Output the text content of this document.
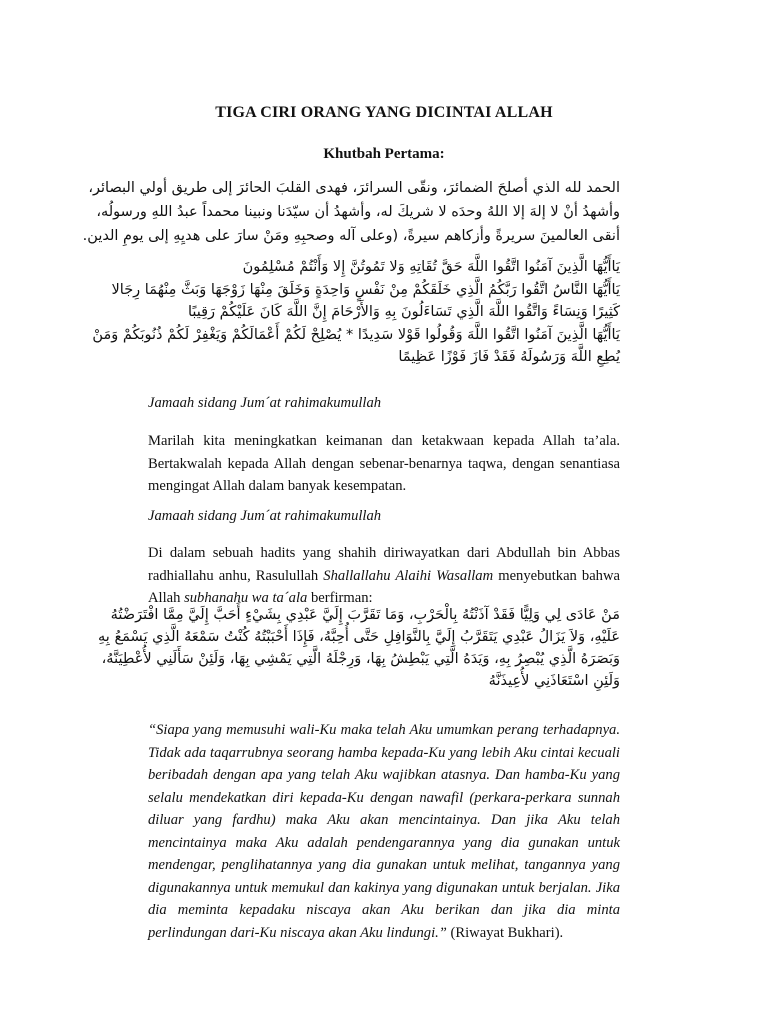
TIGA CIRI ORANG YANG DICINTAI ALLAH
Khutbah Pertama:
الحمد لله الذي أصلحَ الضمائرَ، ونقّى السرائرَ، فهدى القلبَ الحائرَ إلى طريق أولي البصائر،
وأشهدُ أنْ لا إلهَ إلا اللهُ وحدَه لا شريكَ له، وأشهدُ أن سيّدَنا ونبينا محمداً عبدُ اللهِ ورسولُه،
أنقى العالمينَ سريرةً وأزكاهم سيرةً، (وعلى آله وصحبِهِ ومَنْ سارَ على هديِهِ إلى يومِ الدين.
يَاأَيُّهَا الَّذِينَ آمَنُوا اتَّقُوا اللَّهَ حَقَّ تُقَاتِهِ وَلا تَمُوتُنَّ إِلا وَأَنْتُمْ مُسْلِمُونَ
يَاأَيُّهَا النَّاسُ اتَّقُوا رَبَّكُمُ الَّذِي خَلَقَكُمْ مِنْ نَفْسٍ وَاحِدَةٍ وَخَلَقَ مِنْهَا زَوْجَهَا وَبَثَّ مِنْهُمَا رِجَالا
كَثِيرًا وَنِسَاءً وَاتَّقُوا اللَّهَ الَّذِي تَسَاءَلُونَ بِهِ وَالأَرْحَامَ إِنَّ اللَّهَ كَانَ عَلَيْكُمْ رَقِيبًا
يَاأَيُّهَا الَّذِينَ آمَنُوا اتَّقُوا اللَّهَ وَقُولُوا قَوْلا سَدِيدًا * يُصْلِحْ لَكُمْ أَعْمَالَكُمْ وَيَغْفِرْ لَكُمْ ذُنُوبَكُمْ وَمَنْ
يُطِعِ اللَّهَ وَرَسُولَهُ فَقَدْ فَازَ فَوْزًا عَظِيمًا
Jamaah sidang Jum´at rahimakumullah
Marilah kita meningkatkan keimanan dan ketakwaan kepada Allah ta’ala. Bertakwalah kepada Allah dengan sebenar-benarnya taqwa, dengan senantiasa mengingat Allah dalam banyak kesempatan.
Jamaah sidang Jum´at rahimakumullah
Di dalam sebuah hadits yang shahih diriwayatkan dari Abdullah bin Abbas radhiallahu anhu, Rasulullah Shallallahu Alaihi Wasallam menyebutkan bahwa Allah subhanahu wa ta´ala berfirman:
مَنْ عَادَى لِي وَلِيًّا فَقَدْ آذَنْتُهُ بِالْحَرْبِ، وَمَا تَقَرَّبَ إِلَيَّ عَبْدِي بِشَيْءٍ أَحَبَّ إِلَيَّ مِمَّا افْتَرَضْتُهُ
عَلَيْهِ، وَلاَ يَزَالُ عَبْدِي يَتَقَرَّبُ إِلَيَّ بِالنَّوَافِلِ حَتَّى أُحِبَّهُ، فَإِذَا أَحْبَبْتُهُ كُنْتُ سَمْعَهُ الَّذِي يَسْمَعُ بِهِ
وَبَصَرَهُ الَّذِي يُبْصِرُ بِهِ، وَيَدَهُ الَّتِي يَبْطِشُ بِهَا، وَرِجْلَهُ الَّتِي يَمْشِي بِهَا، وَلَئِنْ سَأَلَنِي لأُعْطِيَنَّهُ،
وَلَئِنِ اسْتَعَاذَنِي لأُعِيذَنَّهُ
“Siapa yang memusuhi wali-Ku maka telah Aku umumkan perang terhadapnya. Tidak ada taqarrubnya seorang hamba kepada-Ku yang lebih Aku cintai kecuali beribadah dengan apa yang telah Aku wajibkan atasnya. Dan hamba-Ku yang selalu mendekatkan diri kepada-Ku dengan nawafil (perkara-perkara sunnah diluar yang fardhu) maka Aku akan mencintainya. Dan jika Aku telah mencintainya maka Aku adalah pendengarannya yang dia gunakan untuk mendengar, penglihatannya yang dia gunakan untuk melihat, tangannya yang digunakannya untuk memukul dan kakinya yang digunakan untuk berjalan. Jika dia meminta kepadaku niscaya akan Aku berikan dan jika dia minta perlindungan dari-Ku niscaya akan Aku lindungi.” (Riwayat Bukhari).
